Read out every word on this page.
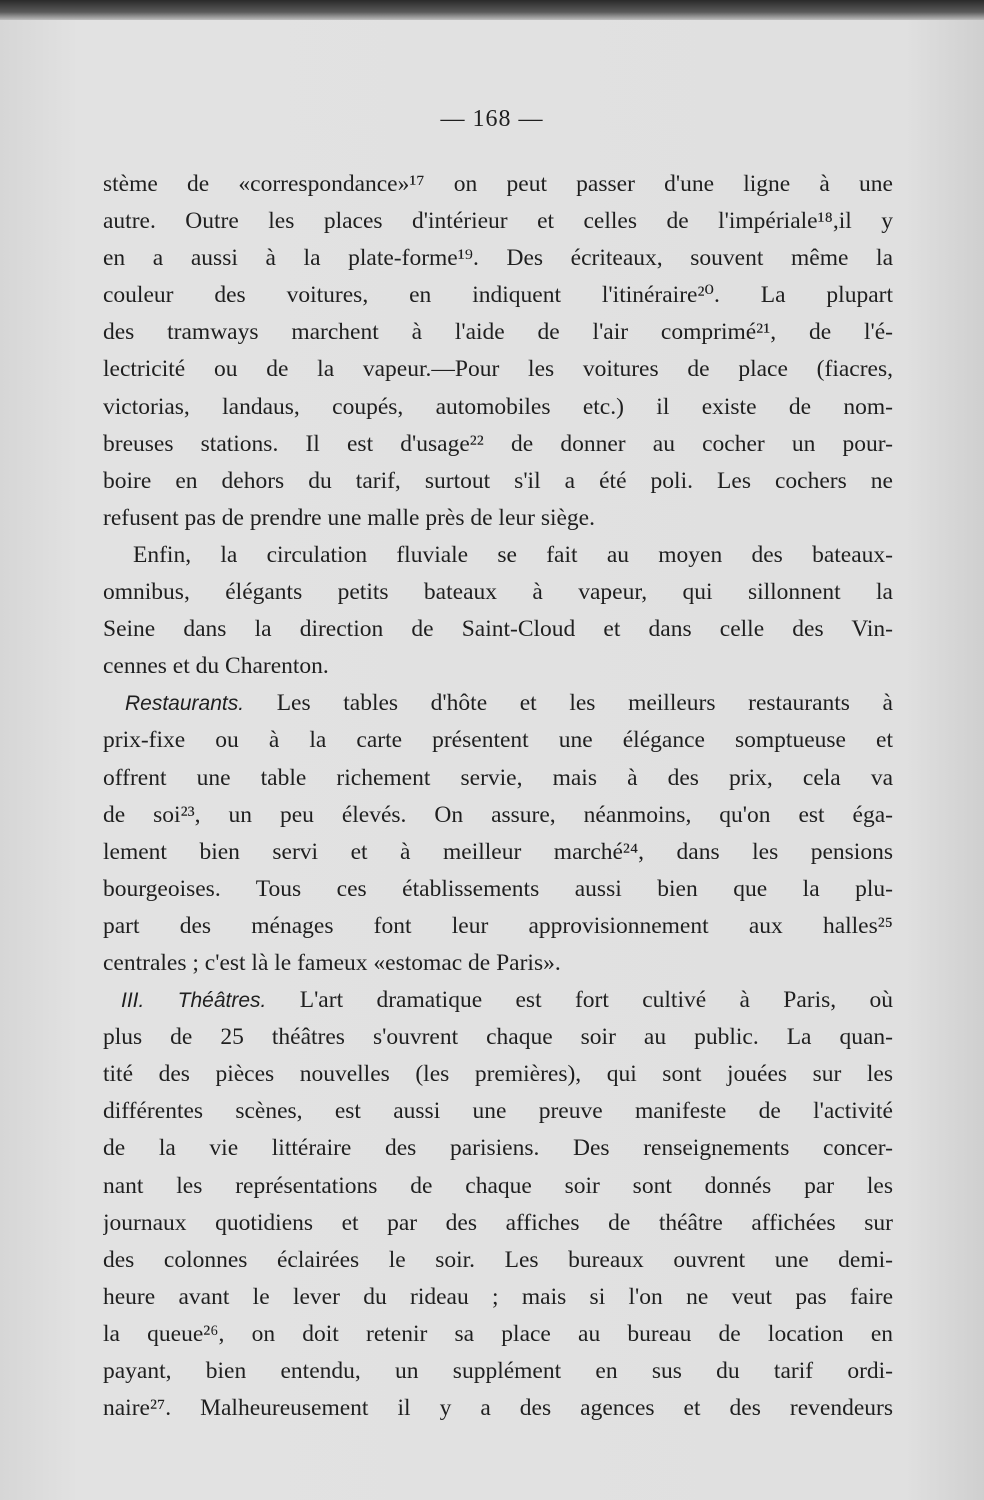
— 168 —
stème de «correspondance»¹⁷ on peut passer d'une ligne à une
autre. Outre les places d'intérieur et celles de l'impériale¹⁸,il y
en a aussi à la plate-forme¹⁹. Des écriteaux, souvent même la
couleur des voitures, en indiquent l'itinéraire²⁰. La plupart
des tramways marchent à l'aide de l'air comprimé²¹, de l'é-
lectricité ou de la vapeur.—Pour les voitures de place (fiacres,
victorias, landaus, coupés, automobiles etc.) il existe de nom-
breuses stations. Il est d'usage²² de donner au cocher un pour-
boire en dehors du tarif, surtout s'il a été poli. Les cochers ne
refusent pas de prendre une malle près de leur siège.
Enfin, la circulation fluviale se fait au moyen des bateaux-
omnibus, élégants petits bateaux à vapeur, qui sillonnent la
Seine dans la direction de Saint-Cloud et dans celle des Vin-
cennes et du Charenton.
Restaurants. Les tables d'hôte et les meilleurs restaurants à
prix-fixe ou à la carte présentent une élégance somptueuse et
offrent une table richement servie, mais à des prix, cela va
de soi²³, un peu élevés. On assure, néanmoins, qu'on est éga-
lement bien servi et à meilleur marché²⁴, dans les pensions
bourgeoises. Tous ces établissements aussi bien que la plu-
part des ménages font leur approvisionnement aux halles²⁵
centrales ; c'est là le fameux «estomac de Paris».
III. Théâtres. L'art dramatique est fort cultivé à Paris, où
plus de 25 théâtres s'ouvrent chaque soir au public. La quan-
tité des pièces nouvelles (les premières), qui sont jouées sur les
différentes scènes, est aussi une preuve manifeste de l'activité
de la vie littéraire des parisiens. Des renseignements concer-
nant les représentations de chaque soir sont donnés par les
journaux quotidiens et par des affiches de théâtre affichées sur
des colonnes éclairées le soir. Les bureaux ouvrent une demi-
heure avant le lever du rideau ; mais si l'on ne veut pas faire
la queue²⁶, on doit retenir sa place au bureau de location en
payant, bien entendu, un supplément en sus du tarif ordi-
naire²⁷. Malheureusement il y a des agences et des revendeurs
